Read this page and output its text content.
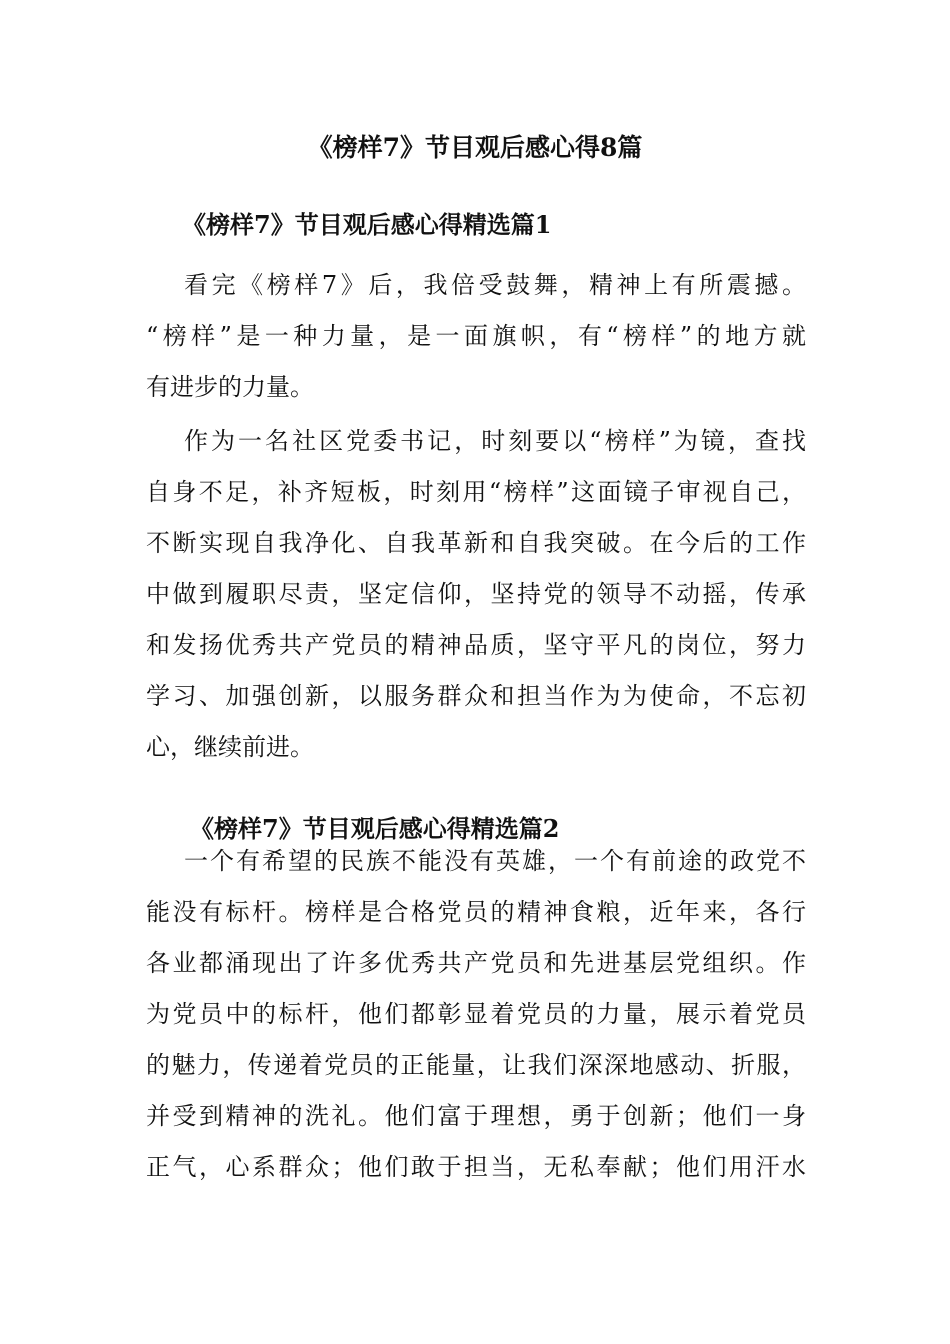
《榜样7》节目观后感心得8篇
《榜样7》节目观后感心得精选篇1
看完《榜样7》后，我倍受鼓舞，精神上有所震撼。
“榜样”是一种力量，是一面旗帜，有“榜样”的地方就
有进步的力量。
作为一名社区党委书记，时刻要以“榜样”为镜，查找
自身不足，补齐短板，时刻用“榜样”这面镜子审视自己，
不断实现自我净化、自我革新和自我突破。在今后的工作
中做到履职尽责，坚定信仰，坚持党的领导不动摇，传承
和发扬优秀共产党员的精神品质，坚守平凡的岗位，努力
学习、加强创新，以服务群众和担当作为为使命，不忘初
心，继续前进。
《榜样7》节目观后感心得精选篇2
一个有希望的民族不能没有英雄，一个有前途的政党不
能没有标杆。榜样是合格党员的精神食粮，近年来，各行
各业都涌现出了许多优秀共产党员和先进基层党组织。作
为党员中的标杆，他们都彰显着党员的力量，展示着党员
的魅力，传递着党员的正能量，让我们深深地感动、折服，
并受到精神的洗礼。他们富于理想，勇于创新；他们一身
正气，心系群众；他们敢于担当，无私奉献；他们用汗水
